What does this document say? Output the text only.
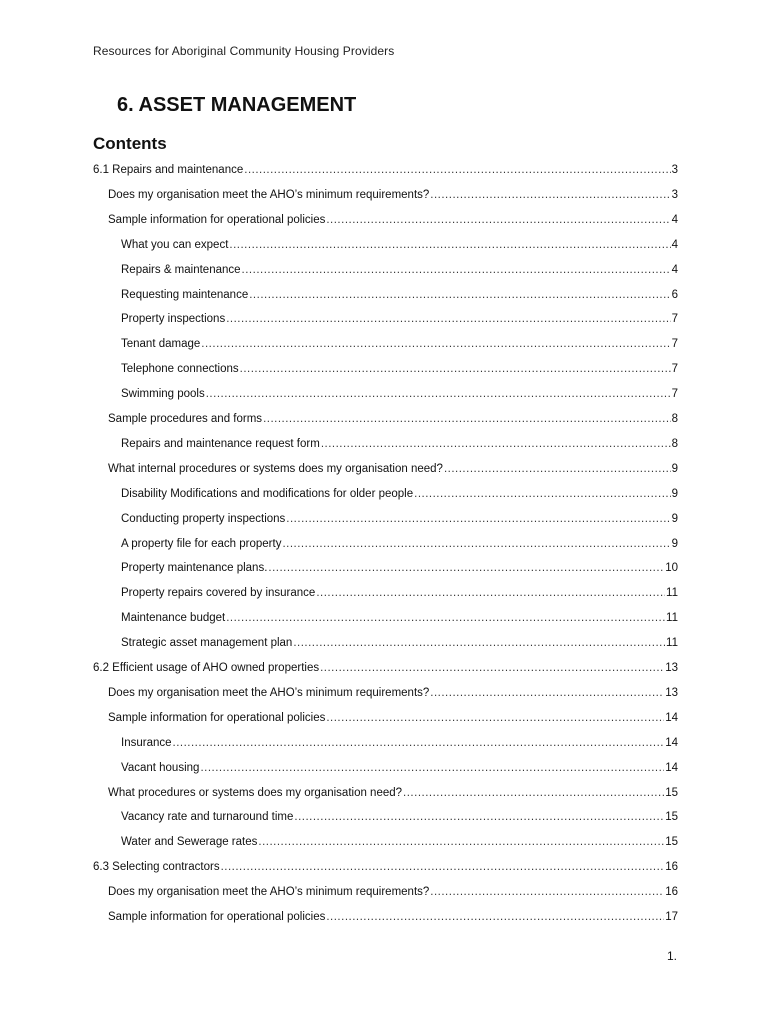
Resources for Aboriginal Community Housing Providers
6. ASSET MANAGEMENT
Contents
6.1 Repairs and maintenance .....	3
Does my organisation meet the AHO’s minimum requirements? .....	3
Sample information for operational policies .....	4
What you can expect .....	4
Repairs & maintenance .....	4
Requesting maintenance .....	6
Property inspections .....	7
Tenant damage .....	7
Telephone connections .....	7
Swimming pools .....	7
Sample procedures and forms .....	8
Repairs and maintenance request form .....	8
What internal procedures or systems does my organisation need? .....	9
Disability Modifications and modifications for older people .....	9
Conducting property inspections .....	9
A property file for each property .....	9
Property maintenance plans. .....	10
Property repairs covered by insurance .....	11
Maintenance budget .....	11
Strategic asset management plan .....	11
6.2 Efficient usage of AHO owned properties .....	13
Does my organisation meet the AHO’s minimum requirements? .....	13
Sample information for operational policies .....	14
Insurance .....	14
Vacant housing .....	14
What procedures or systems does my organisation need? .....	15
Vacancy rate and turnaround time .....	15
Water and Sewerage rates .....	15
6.3 Selecting contractors .....	16
Does my organisation meet the AHO’s minimum requirements? .....	16
Sample information for operational policies .....	17
1.
